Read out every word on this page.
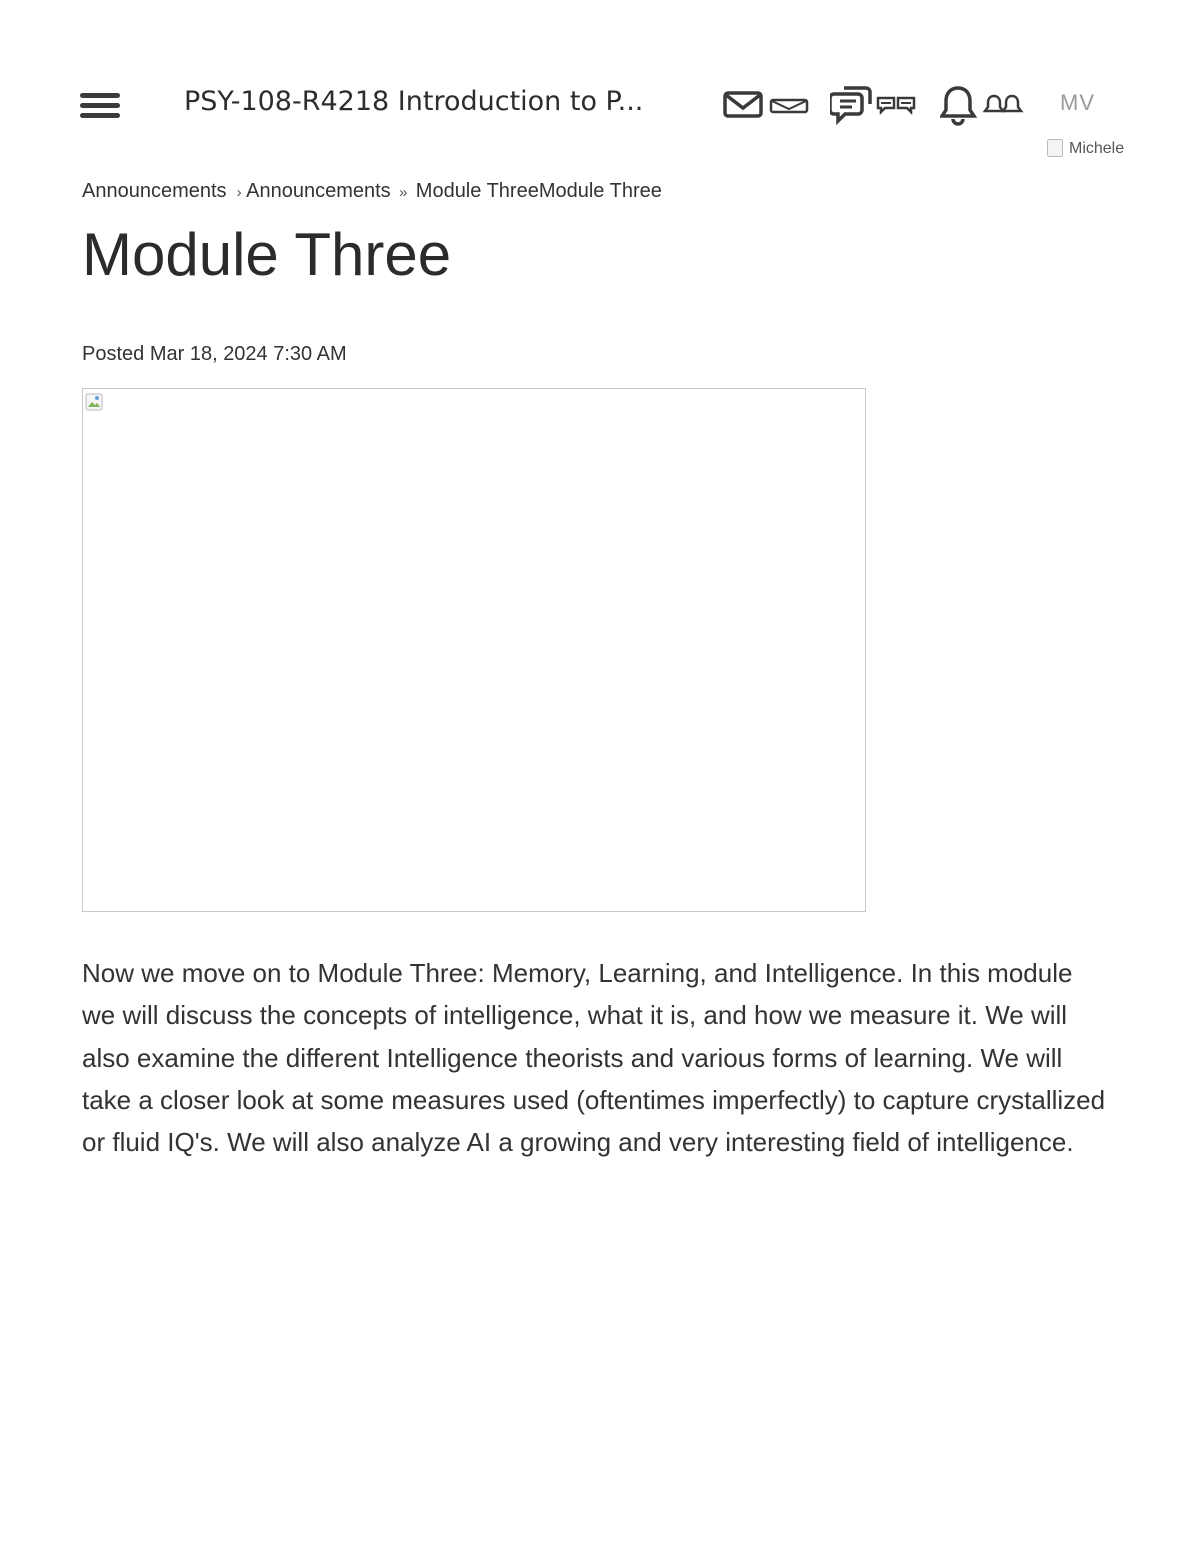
PSY-108-R4218 Introduction to P...	MV
Michele
Announcements › Announcements » Module ThreeModule Three
Module Three
Posted Mar 18, 2024 7:30 AM

Now we move on to Module Three: Memory, Learning, and Intelligence. In this module we will discuss the concepts of intelligence, what it is, and how we measure it. We will also examine the different Intelligence theorists and various forms of learning. We will take a closer look at some measures used (oftentimes imperfectly) to capture crystallized or fluid IQ's. We will also analyze AI a growing and very interesting field of intelligence.
